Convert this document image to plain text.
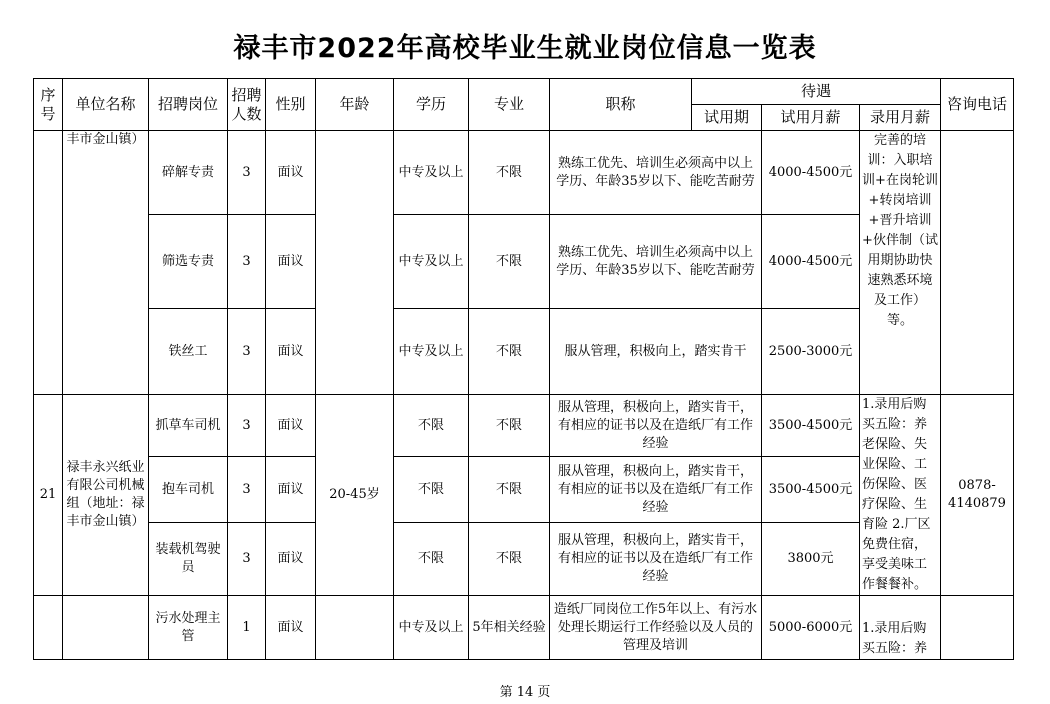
禄丰市2022年高校毕业生就业岗位信息一览表
序号	单位名称	招聘岗位	招聘人数	性别	年龄	学历	专业	职称	待遇			咨询电话
									试用期	试用月薪	录用月薪	
	丰市金山镇）	碎解专责	3	面议		中专及以上	不限	熟练工优先、培训生必须高中以上学历、年龄35岁以下、能吃苦耐劳	4000-4500元	完善的培训：入职培训+在岗轮训+转岗培训+晋升培训+伙伴制（试用期协助快速熟悉环境及工作）等。	
		筛选专责	3	面议		中专及以上	不限	熟练工优先、培训生必须高中以上学历、年龄35岁以下、能吃苦耐劳	4000-4500元		
		铁丝工	3	面议		中专及以上	不限	服从管理，积极向上，踏实肯干	2500-3000元		
21	禄丰永兴纸业有限公司机械组（地址：禄丰市金山镇）	抓草车司机	3	面议	20-45岁	不限	不限	服从管理，积极向上，踏实肯干，有相应的证书以及在造纸厂有工作经验	3500-4500元	1.录用后购买五险：养老保险、失业保险、工伤保险、医疗保险、生育险 2.厂区免费住宿，享受美味工作餐餐补。	0878-4140879
		抱车司机	3	面议		不限	不限	服从管理，积极向上，踏实肯干，有相应的证书以及在造纸厂有工作经验	3500-4500元		
		装载机驾驶员	3	面议		不限	不限	服从管理，积极向上，踏实肯干，有相应的证书以及在造纸厂有工作经验	3800元		
		污水处理主管	1	面议		中专及以上	5年相关经验	造纸厂同岗位工作5年以上、有污水处理长期运行工作经验以及人员的管理及培训	5000-6000元	1.录用后购买五险：养	
第 14 页
